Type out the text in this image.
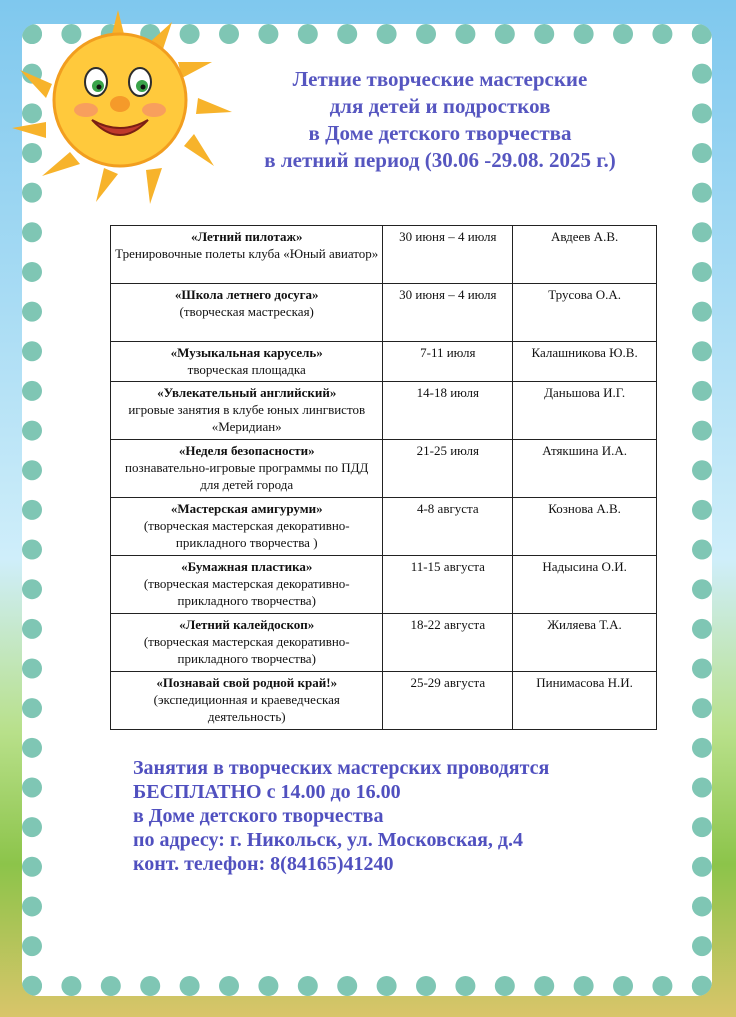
Летние творческие мастерские
для детей и подростков
в Доме детского творчества
в летний период (30.06 -29.08. 2025 г.)
«Летний пилотаж»
Тренировочные полеты клуба «Юный авиатор»	30 июня – 4 июля	Авдеев А.В.

«Школа летнего досуга»
(творческая мастреская)	30 июня – 4 июля	Трусова О.А.

«Музыкальная карусель»
творческая площадка	7-11 июля	Калашникова Ю.В.

«Увлекательный английский»
игровые занятия в клубе юных лингвистов «Меридиан»	14-18 июля	Даньшова И.Г.

«Неделя безопасности»
познавательно-игровые программы по ПДД для детей города	21-25 июля	Атякшина И.А.

«Мастерская амигуруми»
(творческая мастерская декоративно-прикладного творчества )	4-8 августа	Кознова А.В.

«Бумажная пластика»
(творческая мастерская декоративно-прикладного творчества)	11-15 августа	Надысина О.И.

«Летний калейдоскоп»
(творческая мастерская декоративно-прикладного творчества)	18-22 августа	Жиляева Т.А.

«Познавай свой родной край!»
(экспедиционная и краеведческая деятельность)	25-29 августа	Пинимасова Н.И.
Занятия в творческих мастерских проводятся
БЕСПЛАТНО с 14.00 до 16.00
в Доме детского творчества
по адресу: г. Никольск, ул. Московская, д.4
конт. телефон: 8(84165)41240
